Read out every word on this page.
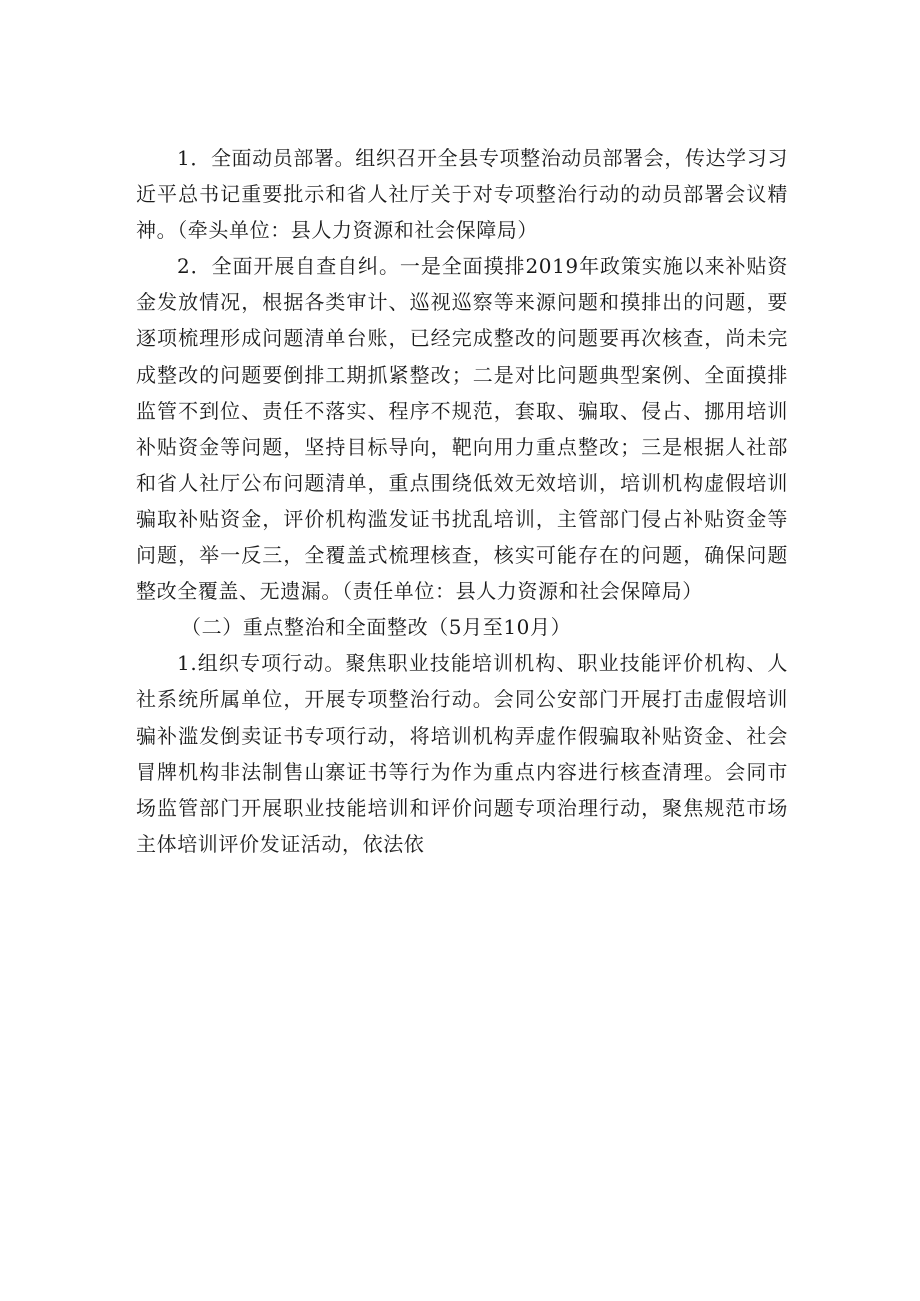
1．全面动员部署。组织召开全县专项整治动员部署会，传达学习习近平总书记重要批示和省人社厅关于对专项整治行动的动员部署会议精神。（牵头单位：县人力资源和社会保障局）

2．全面开展自查自纠。一是全面摸排2019年政策实施以来补贴资金发放情况，根据各类审计、巡视巡察等来源问题和摸排出的问题，要逐项梳理形成问题清单台账，已经完成整改的问题要再次核查，尚未完成整改的问题要倒排工期抓紧整改；二是对比问题典型案例、全面摸排监管不到位、责任不落实、程序不规范，套取、骗取、侵占、挪用培训补贴资金等问题，坚持目标导向，靶向用力重点整改；三是根据人社部和省人社厅公布问题清单，重点围绕低效无效培训，培训机构虚假培训骗取补贴资金，评价机构滥发证书扰乱培训，主管部门侵占补贴资金等问题，举一反三，全覆盖式梳理核查，核实可能存在的问题，确保问题整改全覆盖、无遗漏。（责任单位：县人力资源和社会保障局）

（二）重点整治和全面整改（5月至10月）

1.组织专项行动。聚焦职业技能培训机构、职业技能评价机构、人社系统所属单位，开展专项整治行动。会同公安部门开展打击虚假培训骗补滥发倒卖证书专项行动，将培训机构弄虚作假骗取补贴资金、社会冒牌机构非法制售山寨证书等行为作为重点内容进行核查清理。会同市场监管部门开展职业技能培训和评价问题专项治理行动，聚焦规范市场主体培训评价发证活动，依法依
